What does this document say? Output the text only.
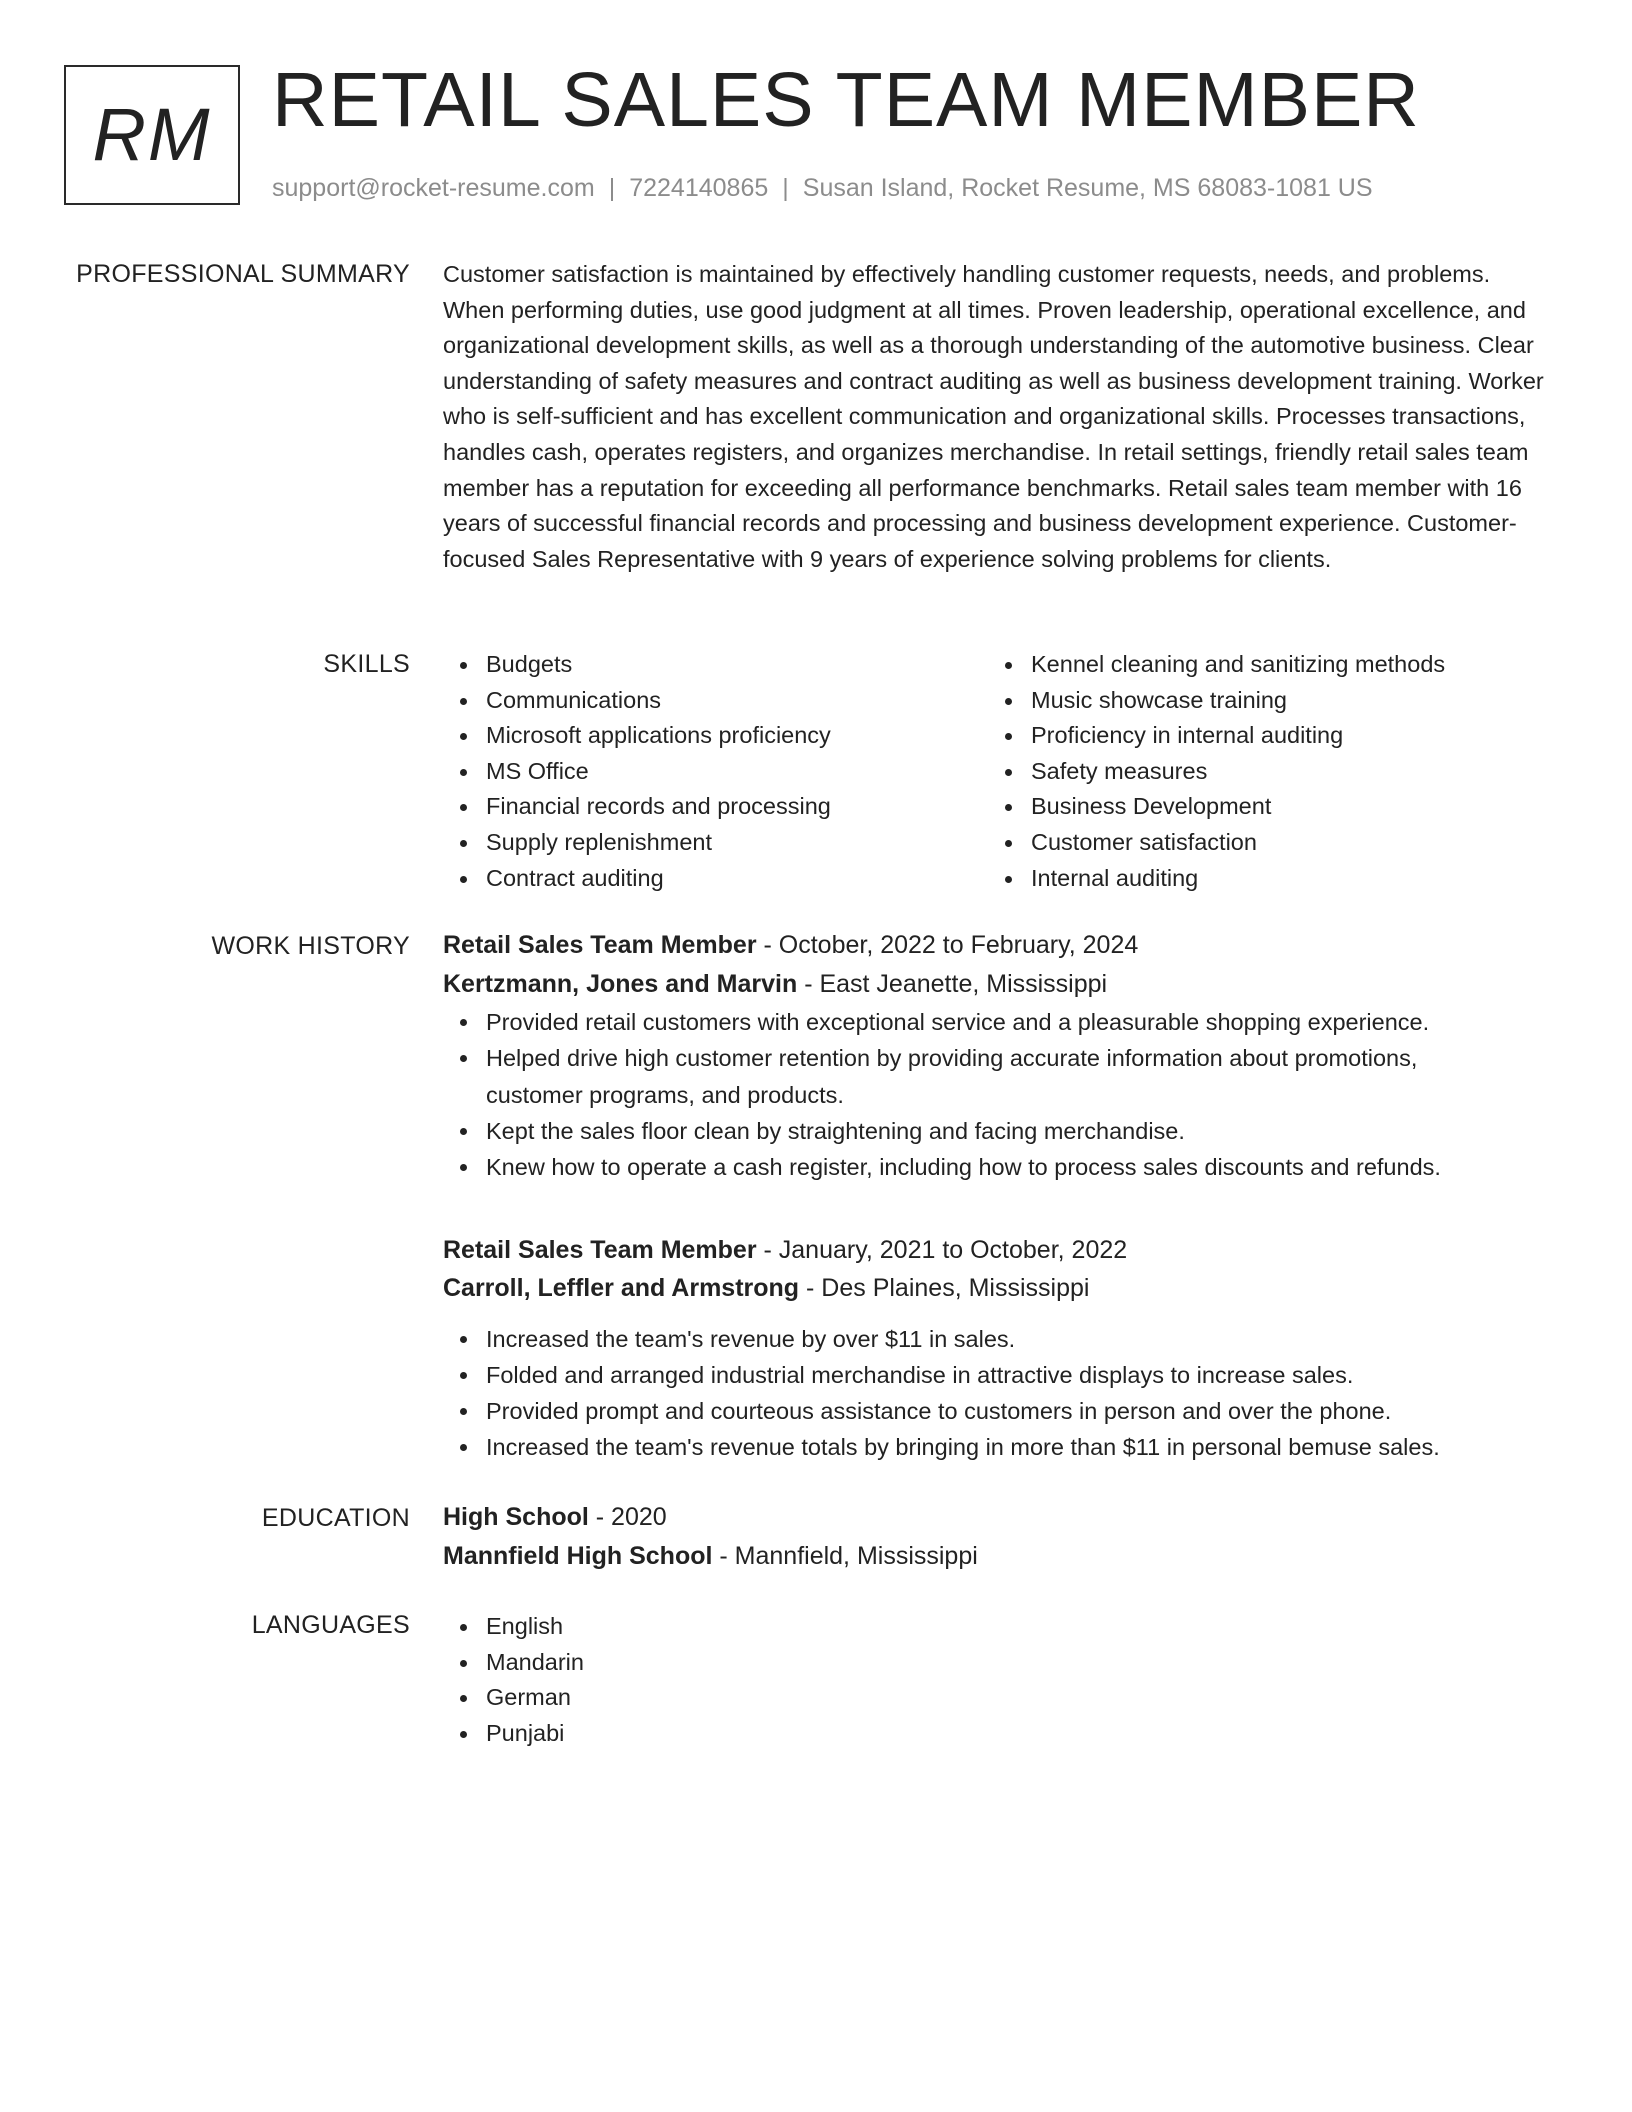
RM RETAIL SALES TEAM MEMBER
support@rocket-resume.com | 7224140865 | Susan Island, Rocket Resume, MS 68083-1081 US
PROFESSIONAL SUMMARY Customer satisfaction is maintained by effectively handling customer requests, needs, and problems. When performing duties, use good judgment at all times. Proven leadership, operational excellence, and organizational development skills, as well as a thorough understanding of the automotive business. Clear understanding of safety measures and contract auditing as well as business development training. Worker who is self-sufficient and has excellent communication and organizational skills. Processes transactions, handles cash, operates registers, and organizes merchandise. In retail settings, friendly retail sales team member has a reputation for exceeding all performance benchmarks. Retail sales team member with 16 years of successful financial records and processing and business development experience. Customer-focused Sales Representative with 9 years of experience solving problems for clients.

SKILLS	Budgets
Communications
Microsoft applications proficiency
MS Office
Financial records and processing
Supply replenishment
Contract auditing
Kennel cleaning and sanitizing methods
Music showcase training
Proficiency in internal auditing
Safety measures
Business Development
Customer satisfaction
Internal auditing
WORK HISTORY Retail Sales Team Member - October, 2022 to February, 2024
Kertzmann, Jones and Marvin - East Jeanette, Mississippi
Provided retail customers with exceptional service and a pleasurable shopping experience.
Helped drive high customer retention by providing accurate information about promotions, customer programs, and products.
Kept the sales floor clean by straightening and facing merchandise.
Knew how to operate a cash register, including how to process sales discounts and refunds.
Retail Sales Team Member - January, 2021 to October, 2022
Carroll, Leffler and Armstrong - Des Plaines, Mississippi
Increased the team's revenue by over $11 in sales.
Folded and arranged industrial merchandise in attractive displays to increase sales.
Provided prompt and courteous assistance to customers in person and over the phone.
Increased the team's revenue totals by bringing in more than $11 in personal bemuse sales.
EDUCATION High School - 2020
Mannfield High School - Mannfield, Mississippi
LANGUAGES	English
Mandarin
German
Punjabi
